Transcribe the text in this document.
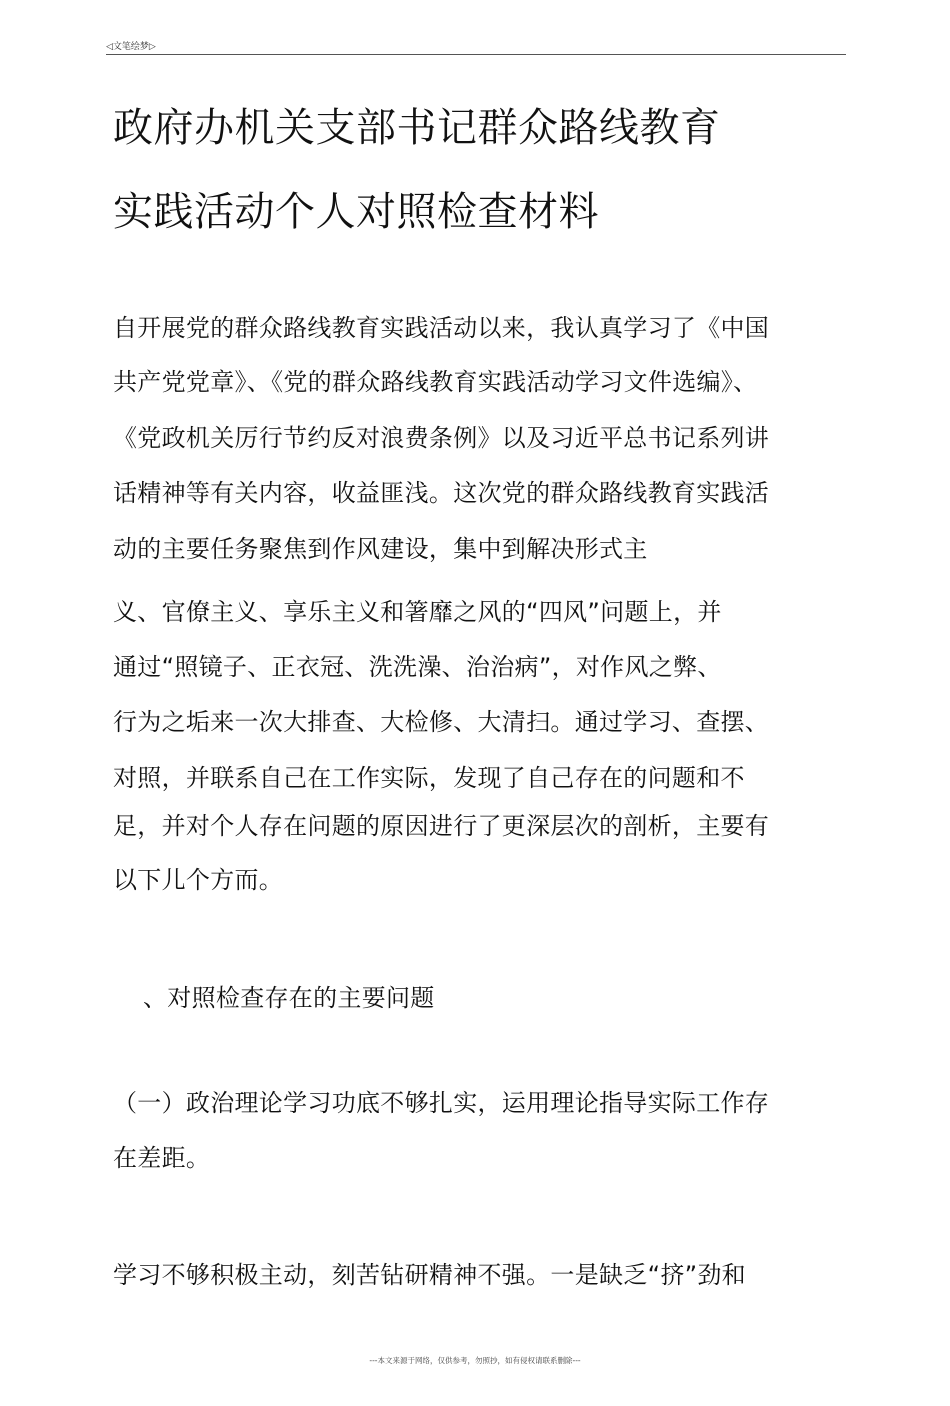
◁文笔绘梦▷
政府办机关支部书记群众路线教育
实践活动个人对照检查材料
自开展党的群众路线教育实践活动以来，我认真学习了《中国
共产党党章》、《党的群众路线教育实践活动学习文件选编》、
《党政机关厉行节约反对浪费条例》以及习近平总书记系列讲
话精神等有关内容，收益匪浅。这次党的群众路线教育实践活
动的主要任务聚焦到作风建设，集中到解决形式主
义、官僚主义、享乐主义和箸靡之风的“四风”问题上，并
通过“照镜子、正衣冠、洗洗澡、治治病”，对作风之弊、
行为之垢来一次大排查、大检修、大清扫。通过学习、查摆、
对照，并联系自己在工作实际，发现了自己存在的问题和不
足，并对个人存在问题的原因进行了更深层次的剖析，主要有
以下儿个方而。
、对照检查存在的主要问题
（一）政治理论学习功底不够扎实，运用理论指导实际工作存
在差距。
学习不够积极主动，刻苦钻研精神不强。一是缺乏“挤”劲和
---本文来源于网络，仅供参考，勿照抄，如有侵权请联系删除---
